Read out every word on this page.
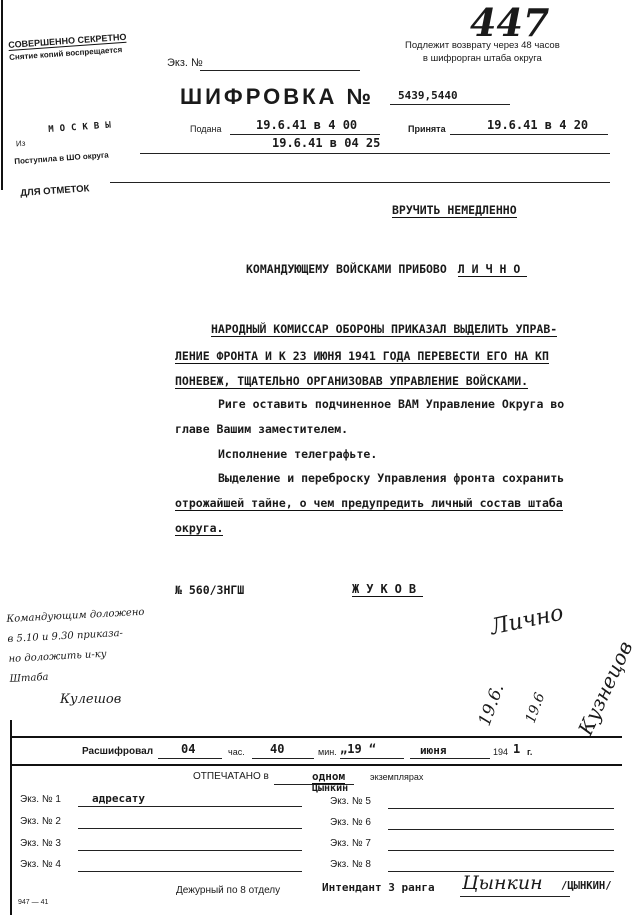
447
СОВЕРШЕННО СЕКРЕТНО
Снятие копий воспрещается
Экз. №
Подлежит возврату через 48 часов
в шифрорган штаба округа
ШИФРОВКА № 5439,5440
Из
МОСКВЫ	Подана	19.6.41 в 4 00	Принята	19.6.41 в 4 20
Поступила в ШО округа
19.6.41 в 04 25
ДЛЯ ОТМЕТОК
ВРУЧИТЬ НЕМЕДЛЕННО
КОМАНДУЮЩЕМУ ВОЙСКАМИ ПРИБОВО ЛИЧНО
НАРОДНЫЙ КОМИССАР ОБОРОНЫ ПРИКАЗАЛ ВЫДЕЛИТЬ УПРАВ-
ЛЕНИЕ ФРОНТА И К 23 ИЮНЯ 1941 ГОДА ПЕРЕВЕСТИ ЕГО НА КП
ПОНЕВЕЖ, ТЩАТЕЛЬНО ОРГАНИЗОВАВ УПРАВЛЕНИЕ ВОЙСКАМИ.
Риге оставить подчиненное ВАМ Управление Округа во
главе Вашим заместителем.
Исполнение телеграфьте.
Выделение и переброску Управления фронта сохранить
отрожайшей тайне, о чем предупредить личный состав штаба
округа.
№ 560/ЗНГШ	ЖУКОВ
Командующим доложено
в 5.10 и 9.30 приказа-
но доложить и-ку
Штаба
Кулешов
Лично
19.6. 19.6 Кузнецов
Расшифровал 04	час. 40	мин. „19 “	июня	194 1 г.
ОТПЕЧАТАНО в	одном
Цынкин
экземплярах
Экз. № 1	адресату
Экз. № 2
Экз. № 3
Экз. № 4
Экз. № 5
Экз. № 6
Экз. № 7
Экз. № 8
Дежурный по 8 отделу	Интендант 3 ранга Цынкин /ЦЫНКИН/
947 — 41
